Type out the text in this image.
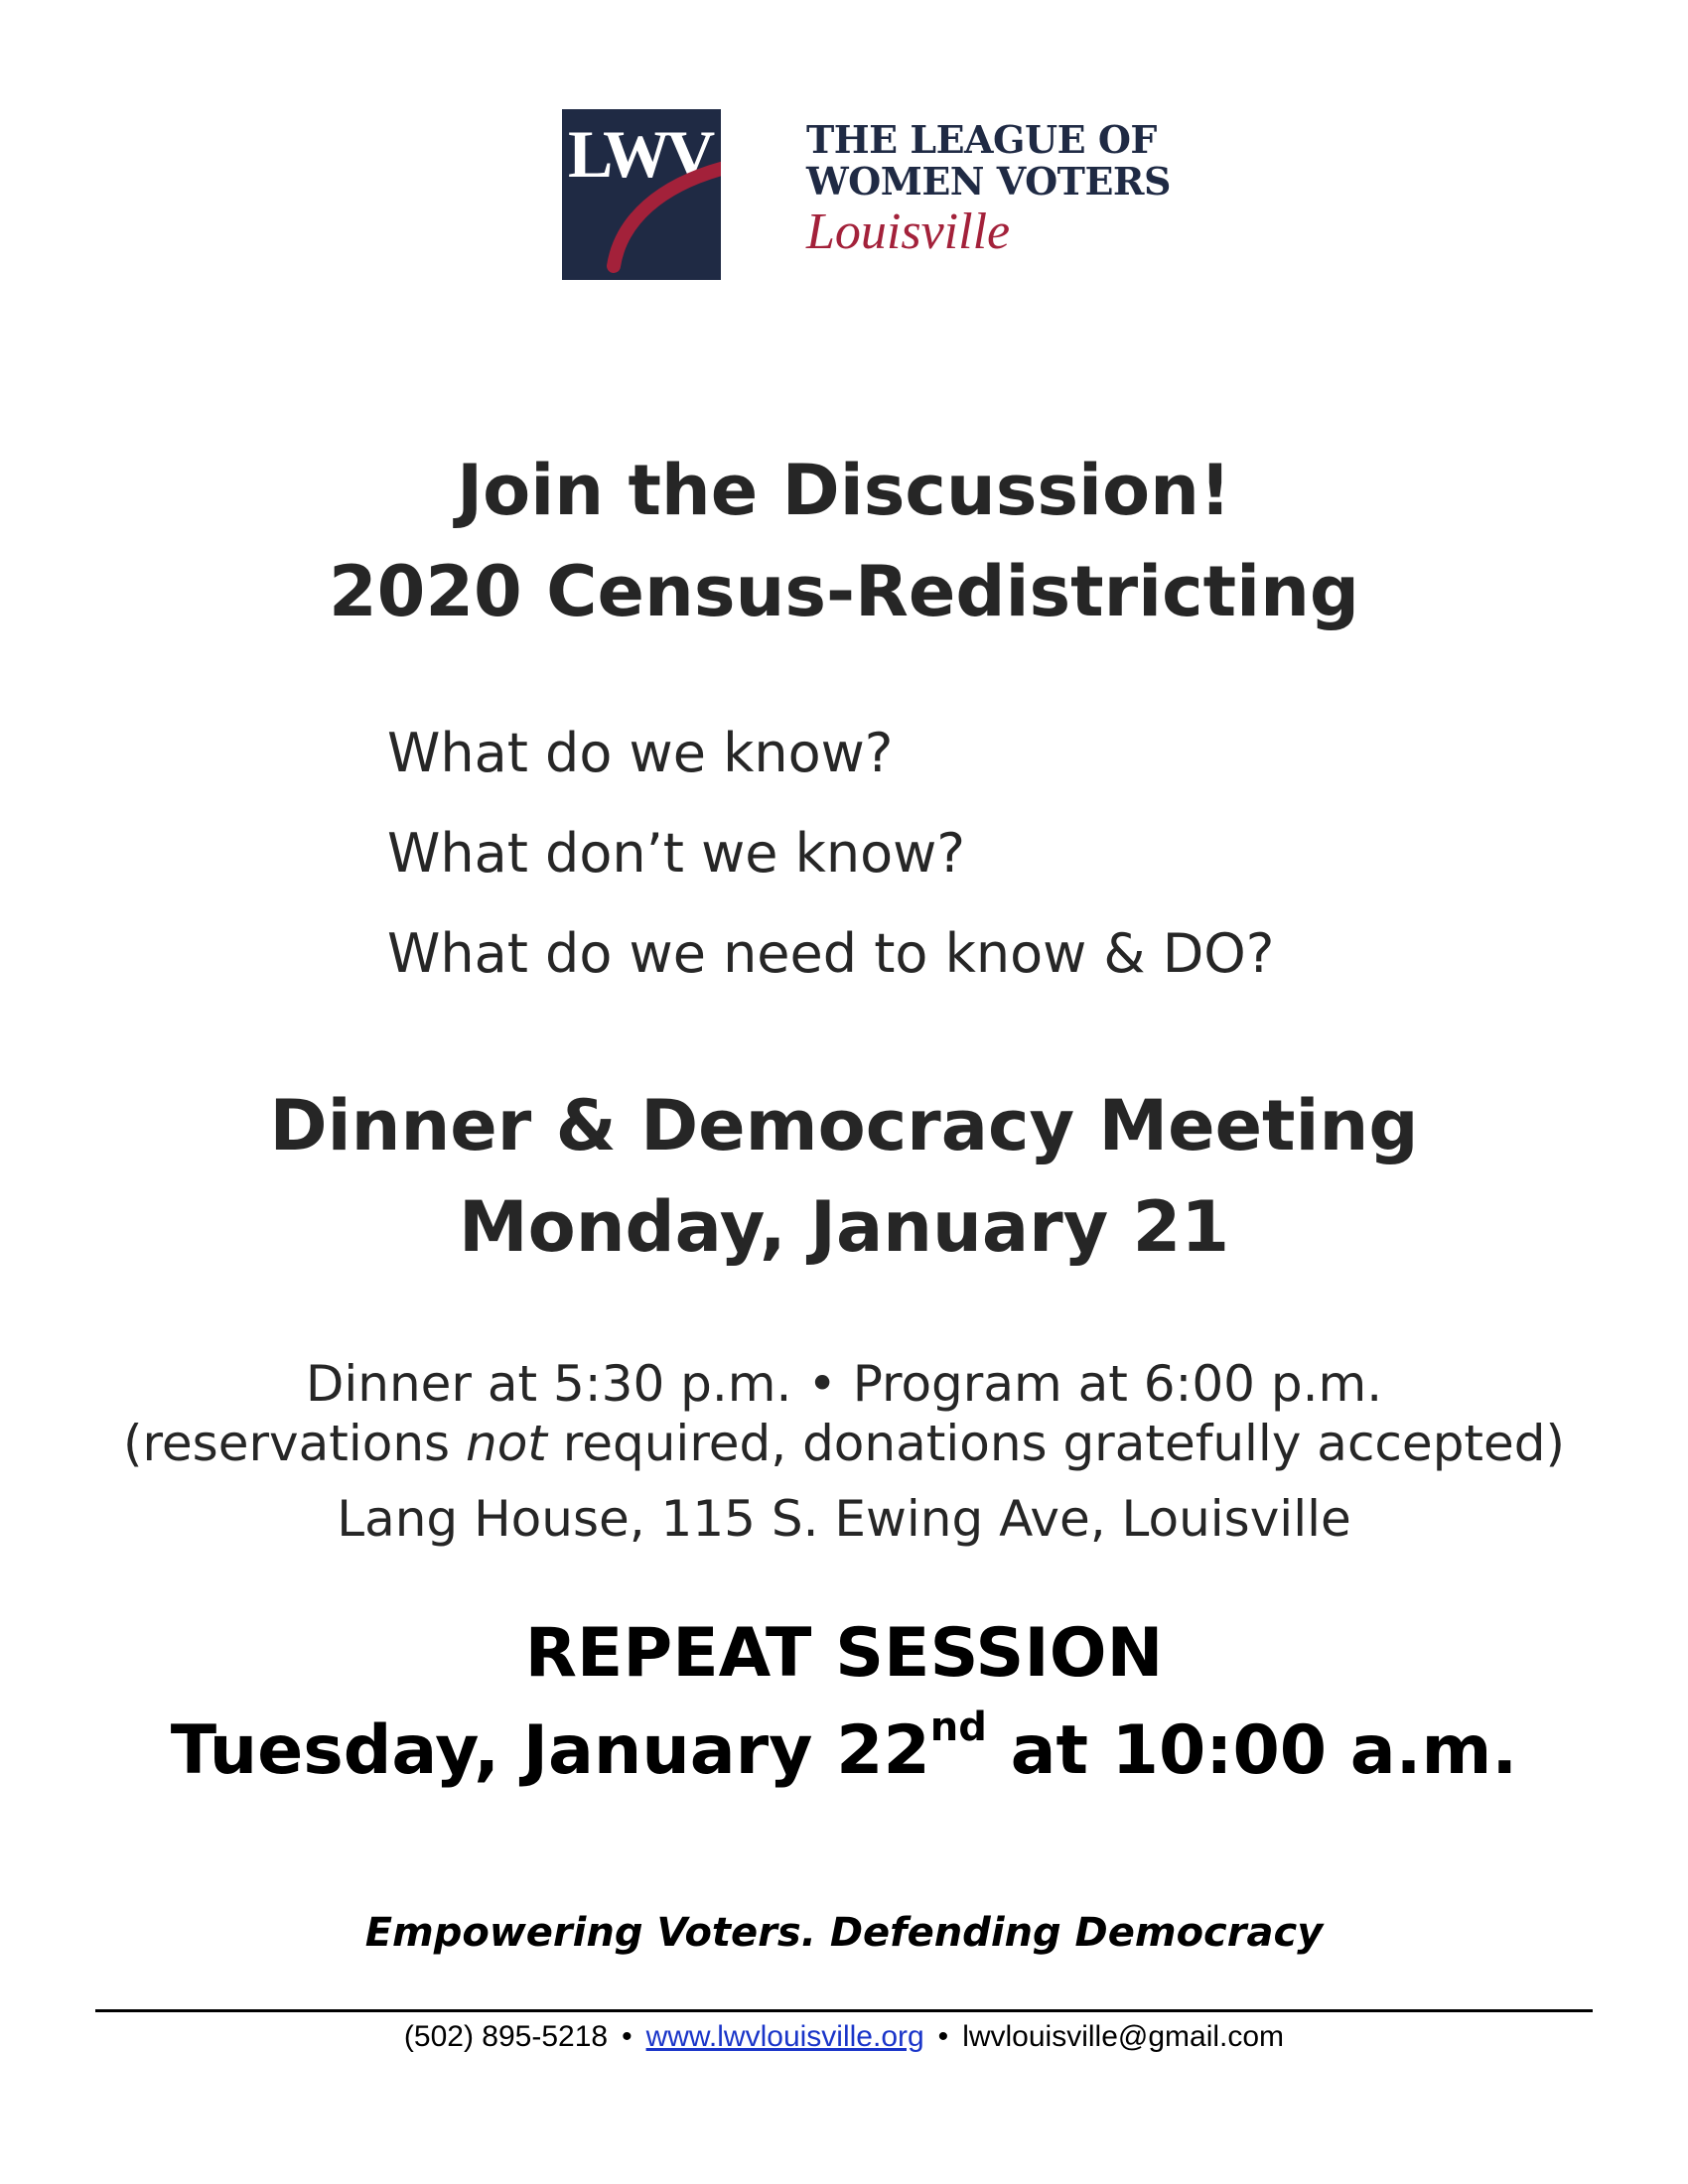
LWV	THE LEAGUE OF
WOMEN VOTERS
Louisville
Join the Discussion!
2020 Census-Redistricting
What do we know?
What don’t we know?
What do we need to know & DO?
Dinner & Democracy Meeting
Monday, January 21
Dinner at 5:30 p.m. • Program at 6:00 p.m.
(reservations not required, donations gratefully accepted)
Lang House, 115 S. Ewing Ave, Louisville
REPEAT SESSION
Tuesday, January 22nd at 10:00 a.m.
Empowering Voters. Defending Democracy
(502) 895-5218 • www.lwvlouisville.org • lwvlouisville@gmail.com
